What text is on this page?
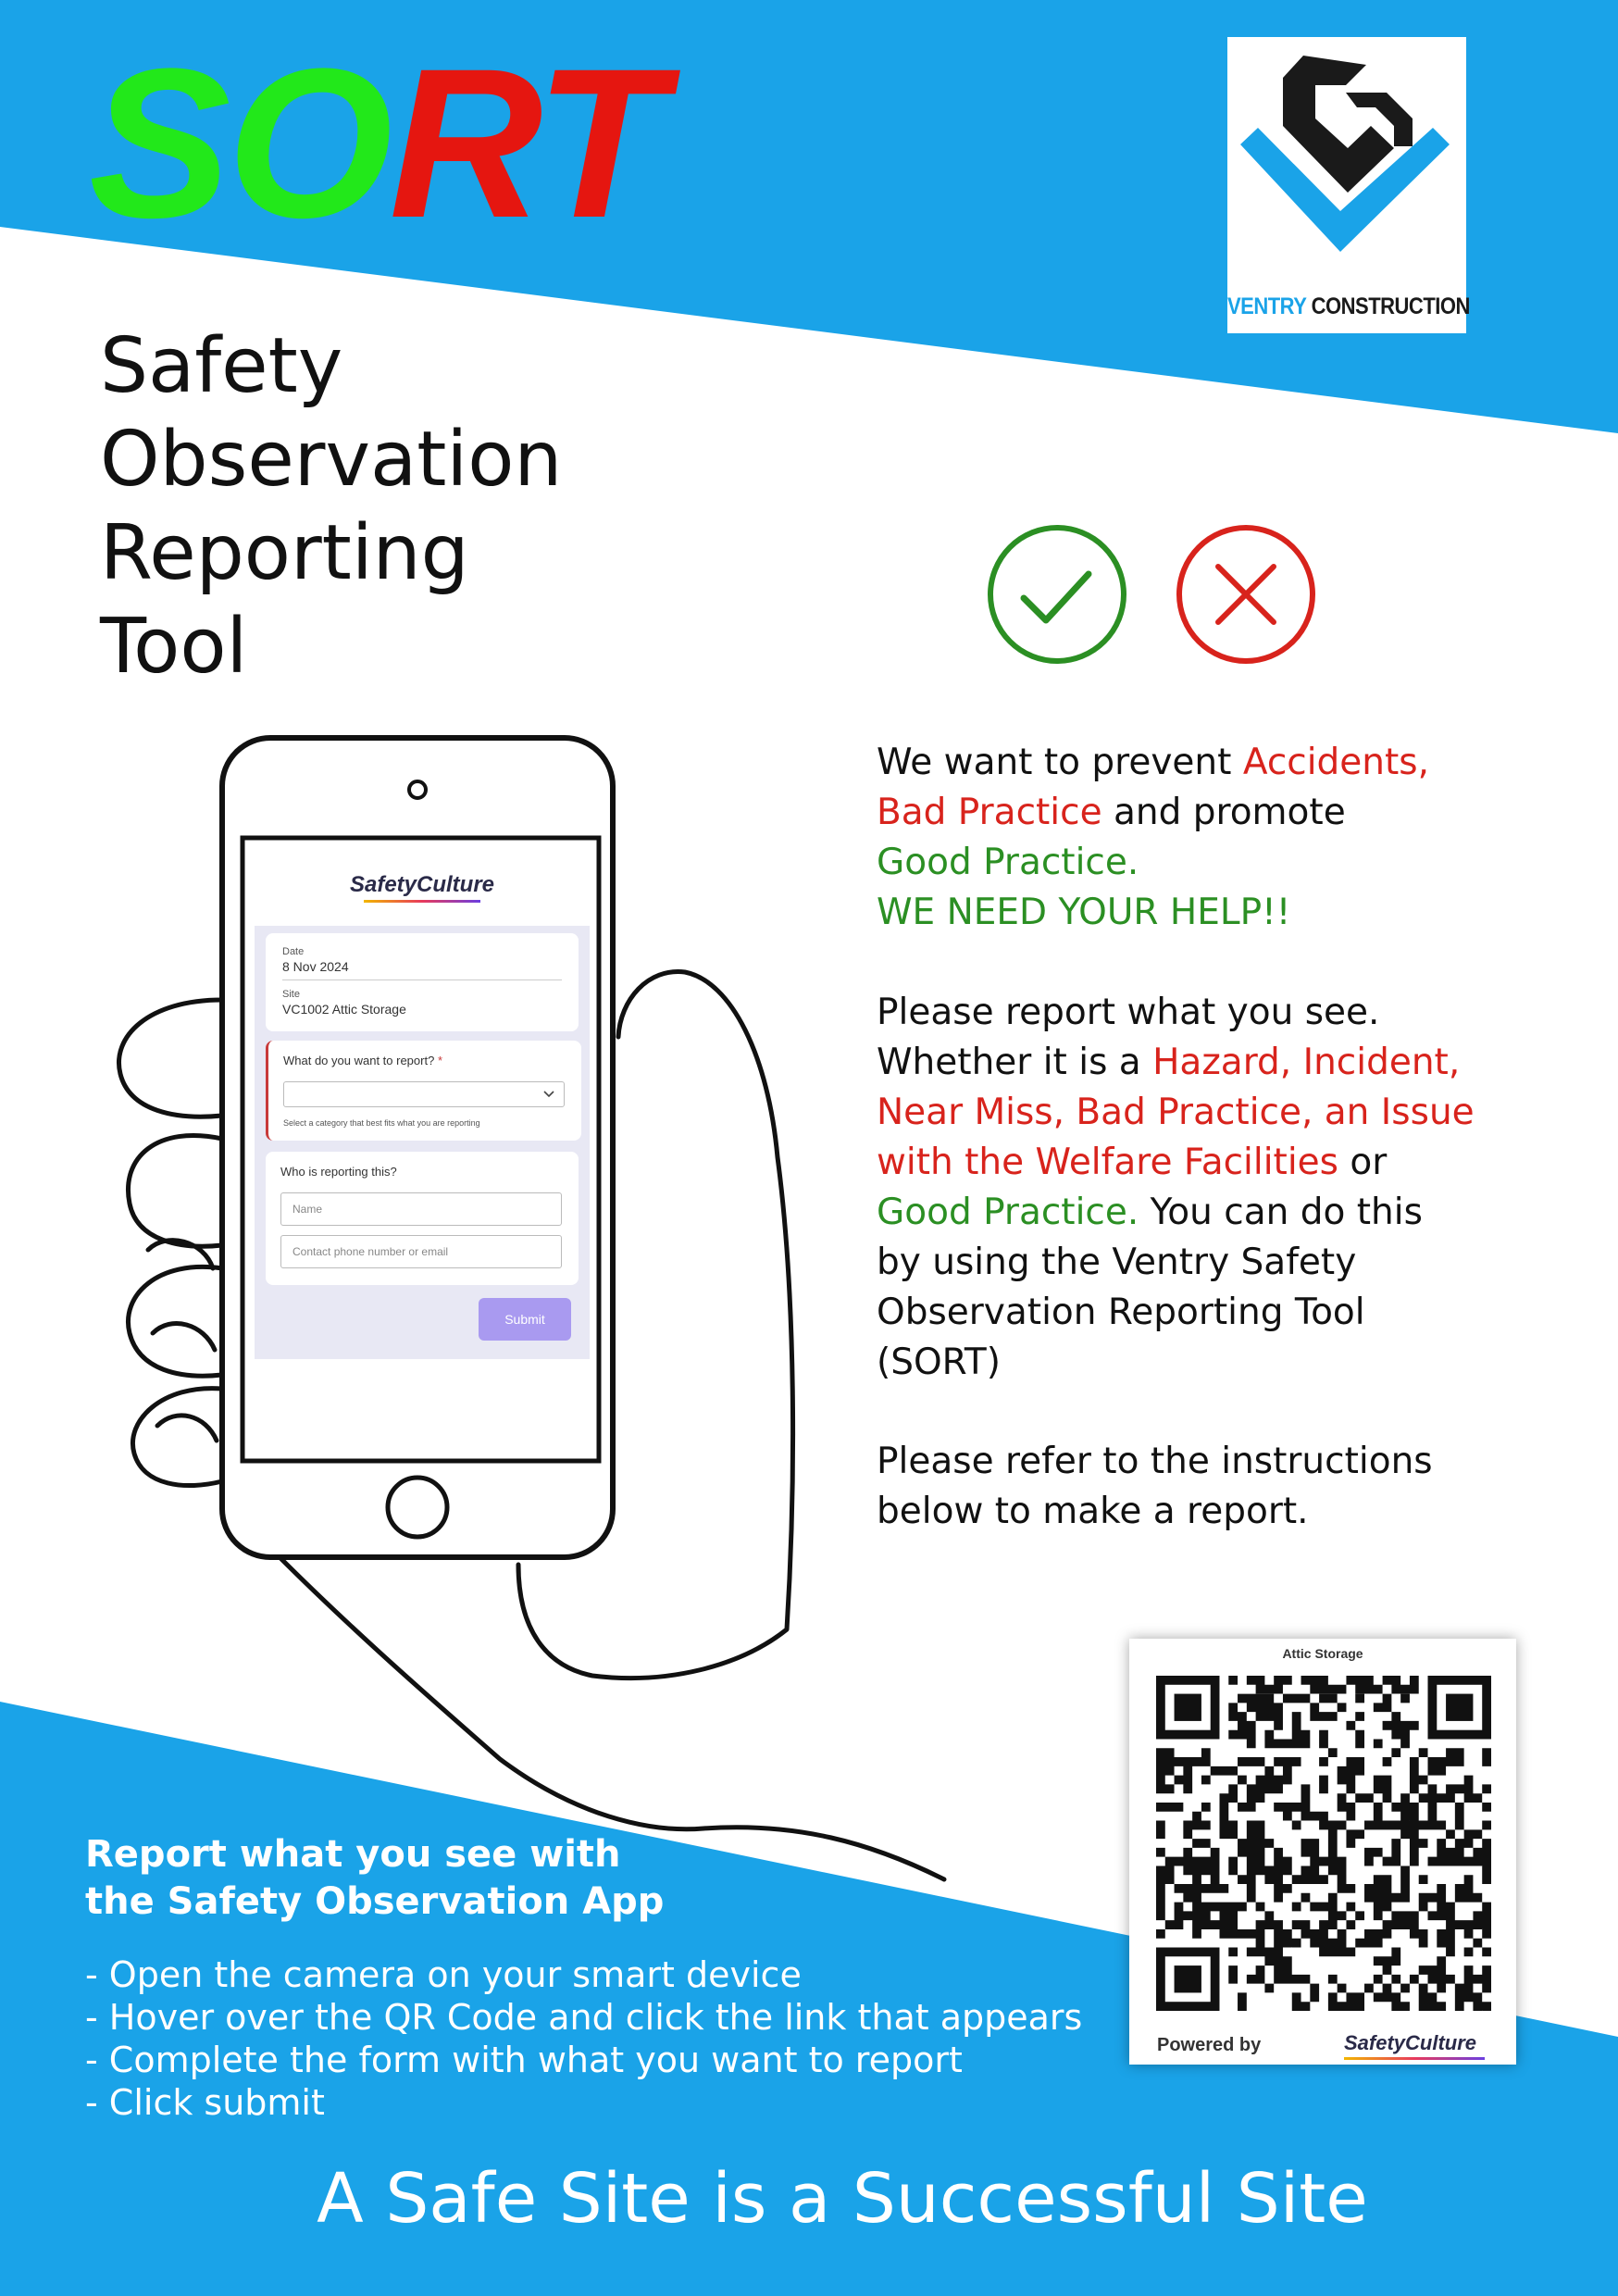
SORT
VENTRY CONSTRUCTION
Safety
Observation
Reporting
Tool
We want to prevent Accidents,
Bad Practice and promote
Good Practice.
WE NEED YOUR HELP!!
Please report what you see.
Whether it is a Hazard, Incident,
Near Miss, Bad Practice, an Issue
with the Welfare Facilities or
Good Practice. You can do this
by using the Ventry Safety
Observation Reporting Tool
(SORT)
Please refer to the instructions
below to make a report.
SafetyCulture
Date
8 Nov 2024
Site
VC1002 Attic Storage
What do you want to report? *
Select a category that best fits what you are reporting
Who is reporting this?
Name
Contact phone number or email
Submit
Attic Storage
Powered by	SafetyCulture
Report what you see with
the Safety Observation App
- Open the camera on your smart device
- Hover over the QR Code and click the link that appears
- Complete the form with what you want to report
- Click submit
A Safe Site is a Successful Site
